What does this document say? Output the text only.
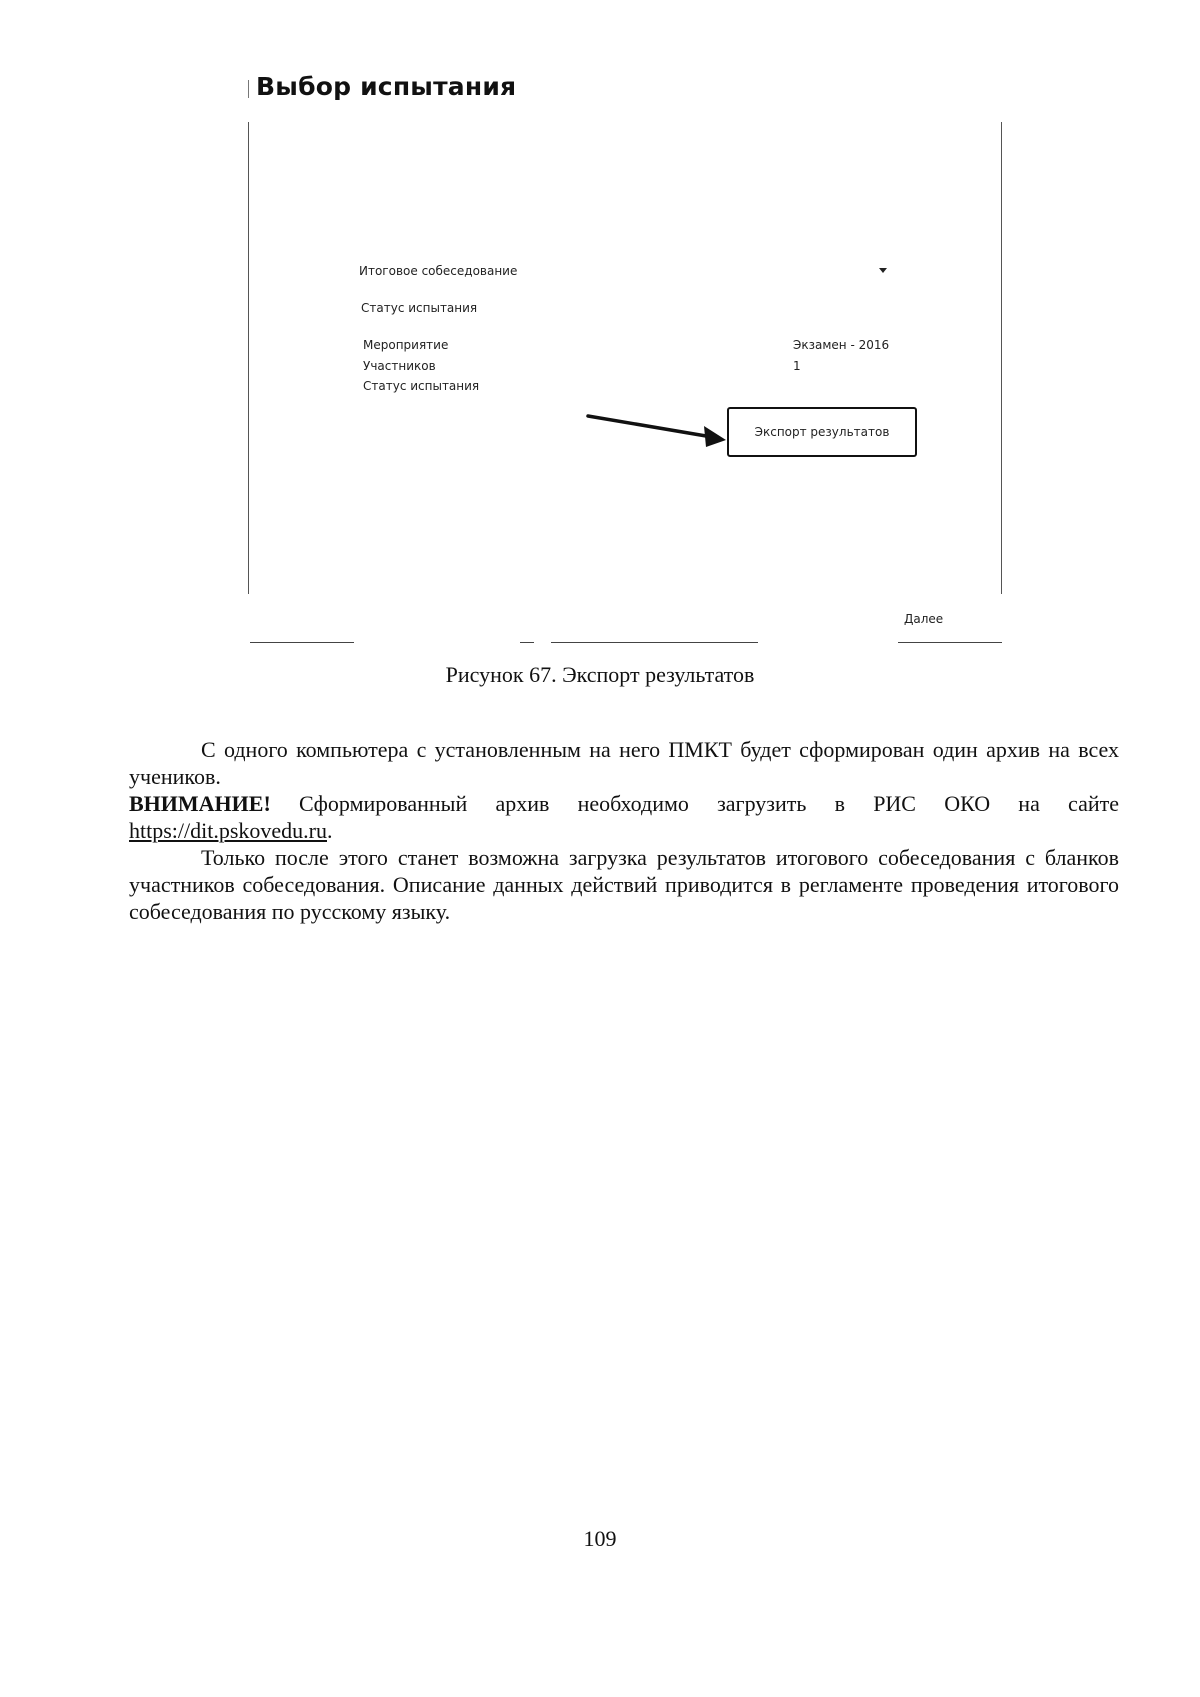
Выбор испытания
Итоговое собеседование
Статус испытания
Мероприятие
Участников
Статус испытания
Экзамен - 2016
1
Экспорт результатов
Далее
Рисунок 67. Экспорт результатов

С одного компьютера с установленным на него ПМКТ будет сформирован один архив на всех учеников.

ВНИМАНИЕ! Сформированный архив необходимо загрузить в РИС ОКО на сайте https://dit.pskovedu.ru.

Только после этого станет возможна загрузка результатов итогового собеседования с бланков участников собеседования. Описание данных действий приводится в регламенте проведения итогового собеседования по русскому языку.

109
